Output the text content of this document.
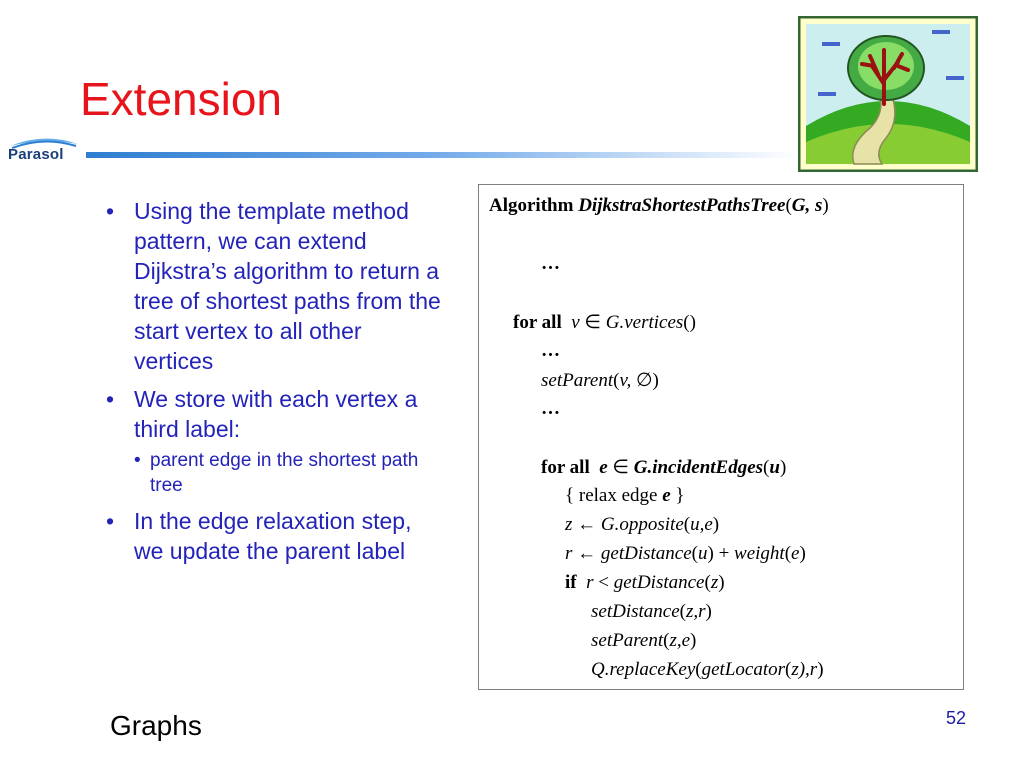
Extension
Parasol
• Using the template method pattern, we can extend Dijkstra’s algorithm to return a tree of shortest paths from the start vertex to all other vertices
• We store with each vertex a third label:
• parent edge in the shortest path tree
• In the edge relaxation step, we update the parent label
Algorithm DijkstraShortestPathsTree(G, s)
…
for all v ∈ G.vertices()
…
setParent(v, ∅)
…
for all e ∈ G.incidentEdges(u)
{ relax edge e }
z ← G.opposite(u,e)
r ← getDistance(u) + weight(e)
if r < getDistance(z)
setDistance(z,r)
setParent(z,e)
Q.replaceKey(getLocator(z),r)
Graphs	52
